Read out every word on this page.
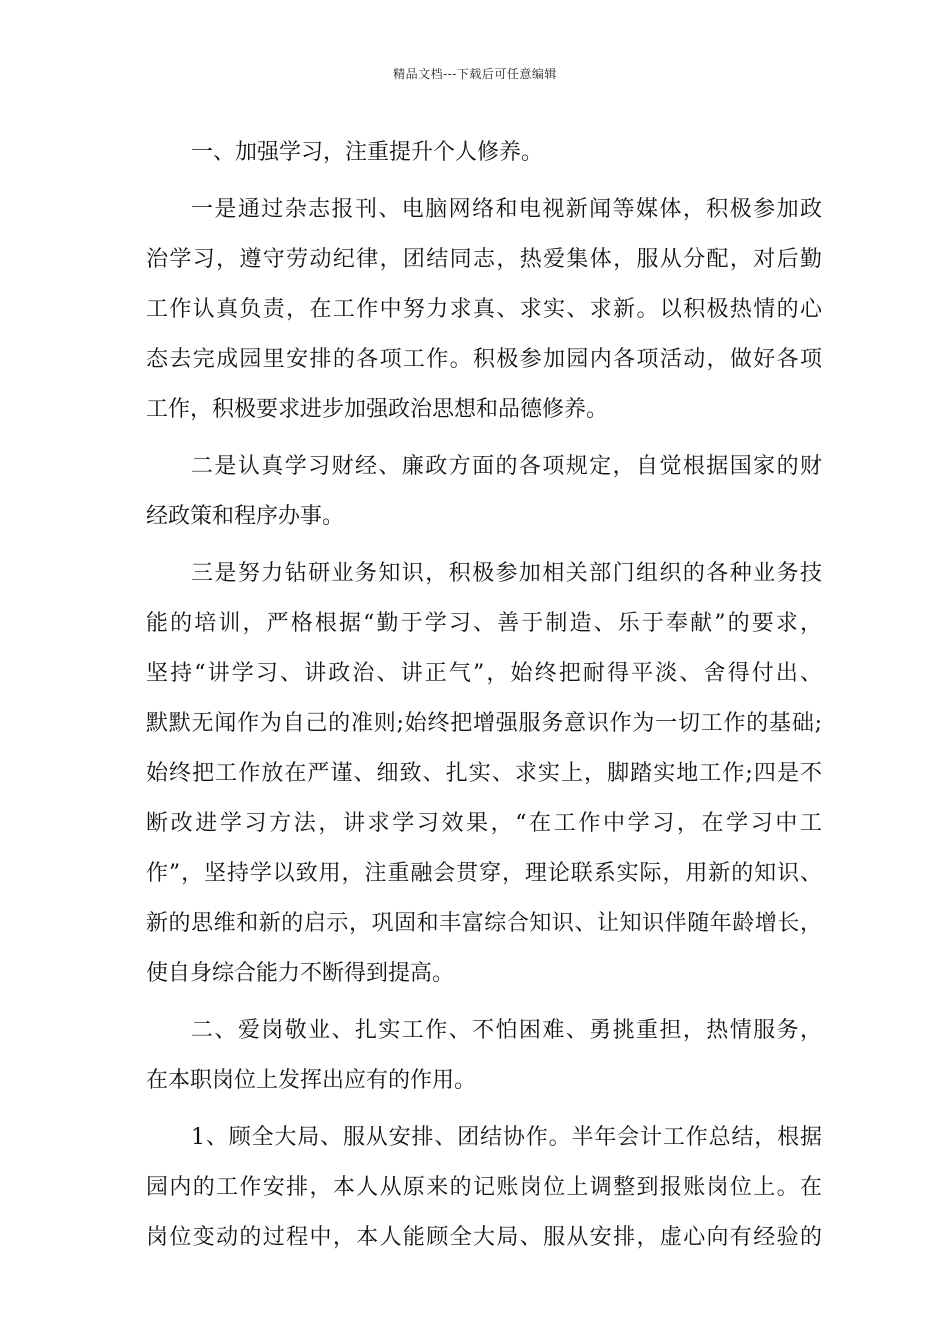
精品文档---下载后可任意编辑
一、加强学习，注重提升个人修养。
一是通过杂志报刊、电脑网络和电视新闻等媒体，积极参加政
治学习，遵守劳动纪律，团结同志，热爱集体，服从分配，对后勤
工作认真负责，在工作中努力求真、求实、求新。以积极热情的心
态去完成园里安排的各项工作。积极参加园内各项活动，做好各项
工作，积极要求进步加强政治思想和品德修养。
二是认真学习财经、廉政方面的各项规定，自觉根据国家的财
经政策和程序办事。
三是努力钻研业务知识，积极参加相关部门组织的各种业务技
能的培训，严格根据“勤于学习、善于制造、乐于奉献”的要求，
坚持“讲学习、讲政治、讲正气”，始终把耐得平淡、舍得付出、
默默无闻作为自己的准则;始终把增强服务意识作为一切工作的基础;
始终把工作放在严谨、细致、扎实、求实上，脚踏实地工作;四是不
断改进学习方法，讲求学习效果，“在工作中学习，在学习中工
作”，坚持学以致用，注重融会贯穿，理论联系实际，用新的知识、
新的思维和新的启示，巩固和丰富综合知识、让知识伴随年龄增长，
使自身综合能力不断得到提高。
二、爱岗敬业、扎实工作、不怕困难、勇挑重担，热情服务，
在本职岗位上发挥出应有的作用。
1、顾全大局、服从安排、团结协作。半年会计工作总结，根据
园内的工作安排，本人从原来的记账岗位上调整到报账岗位上。在
岗位变动的过程中，本人能顾全大局、服从安排，虚心向有经验的
